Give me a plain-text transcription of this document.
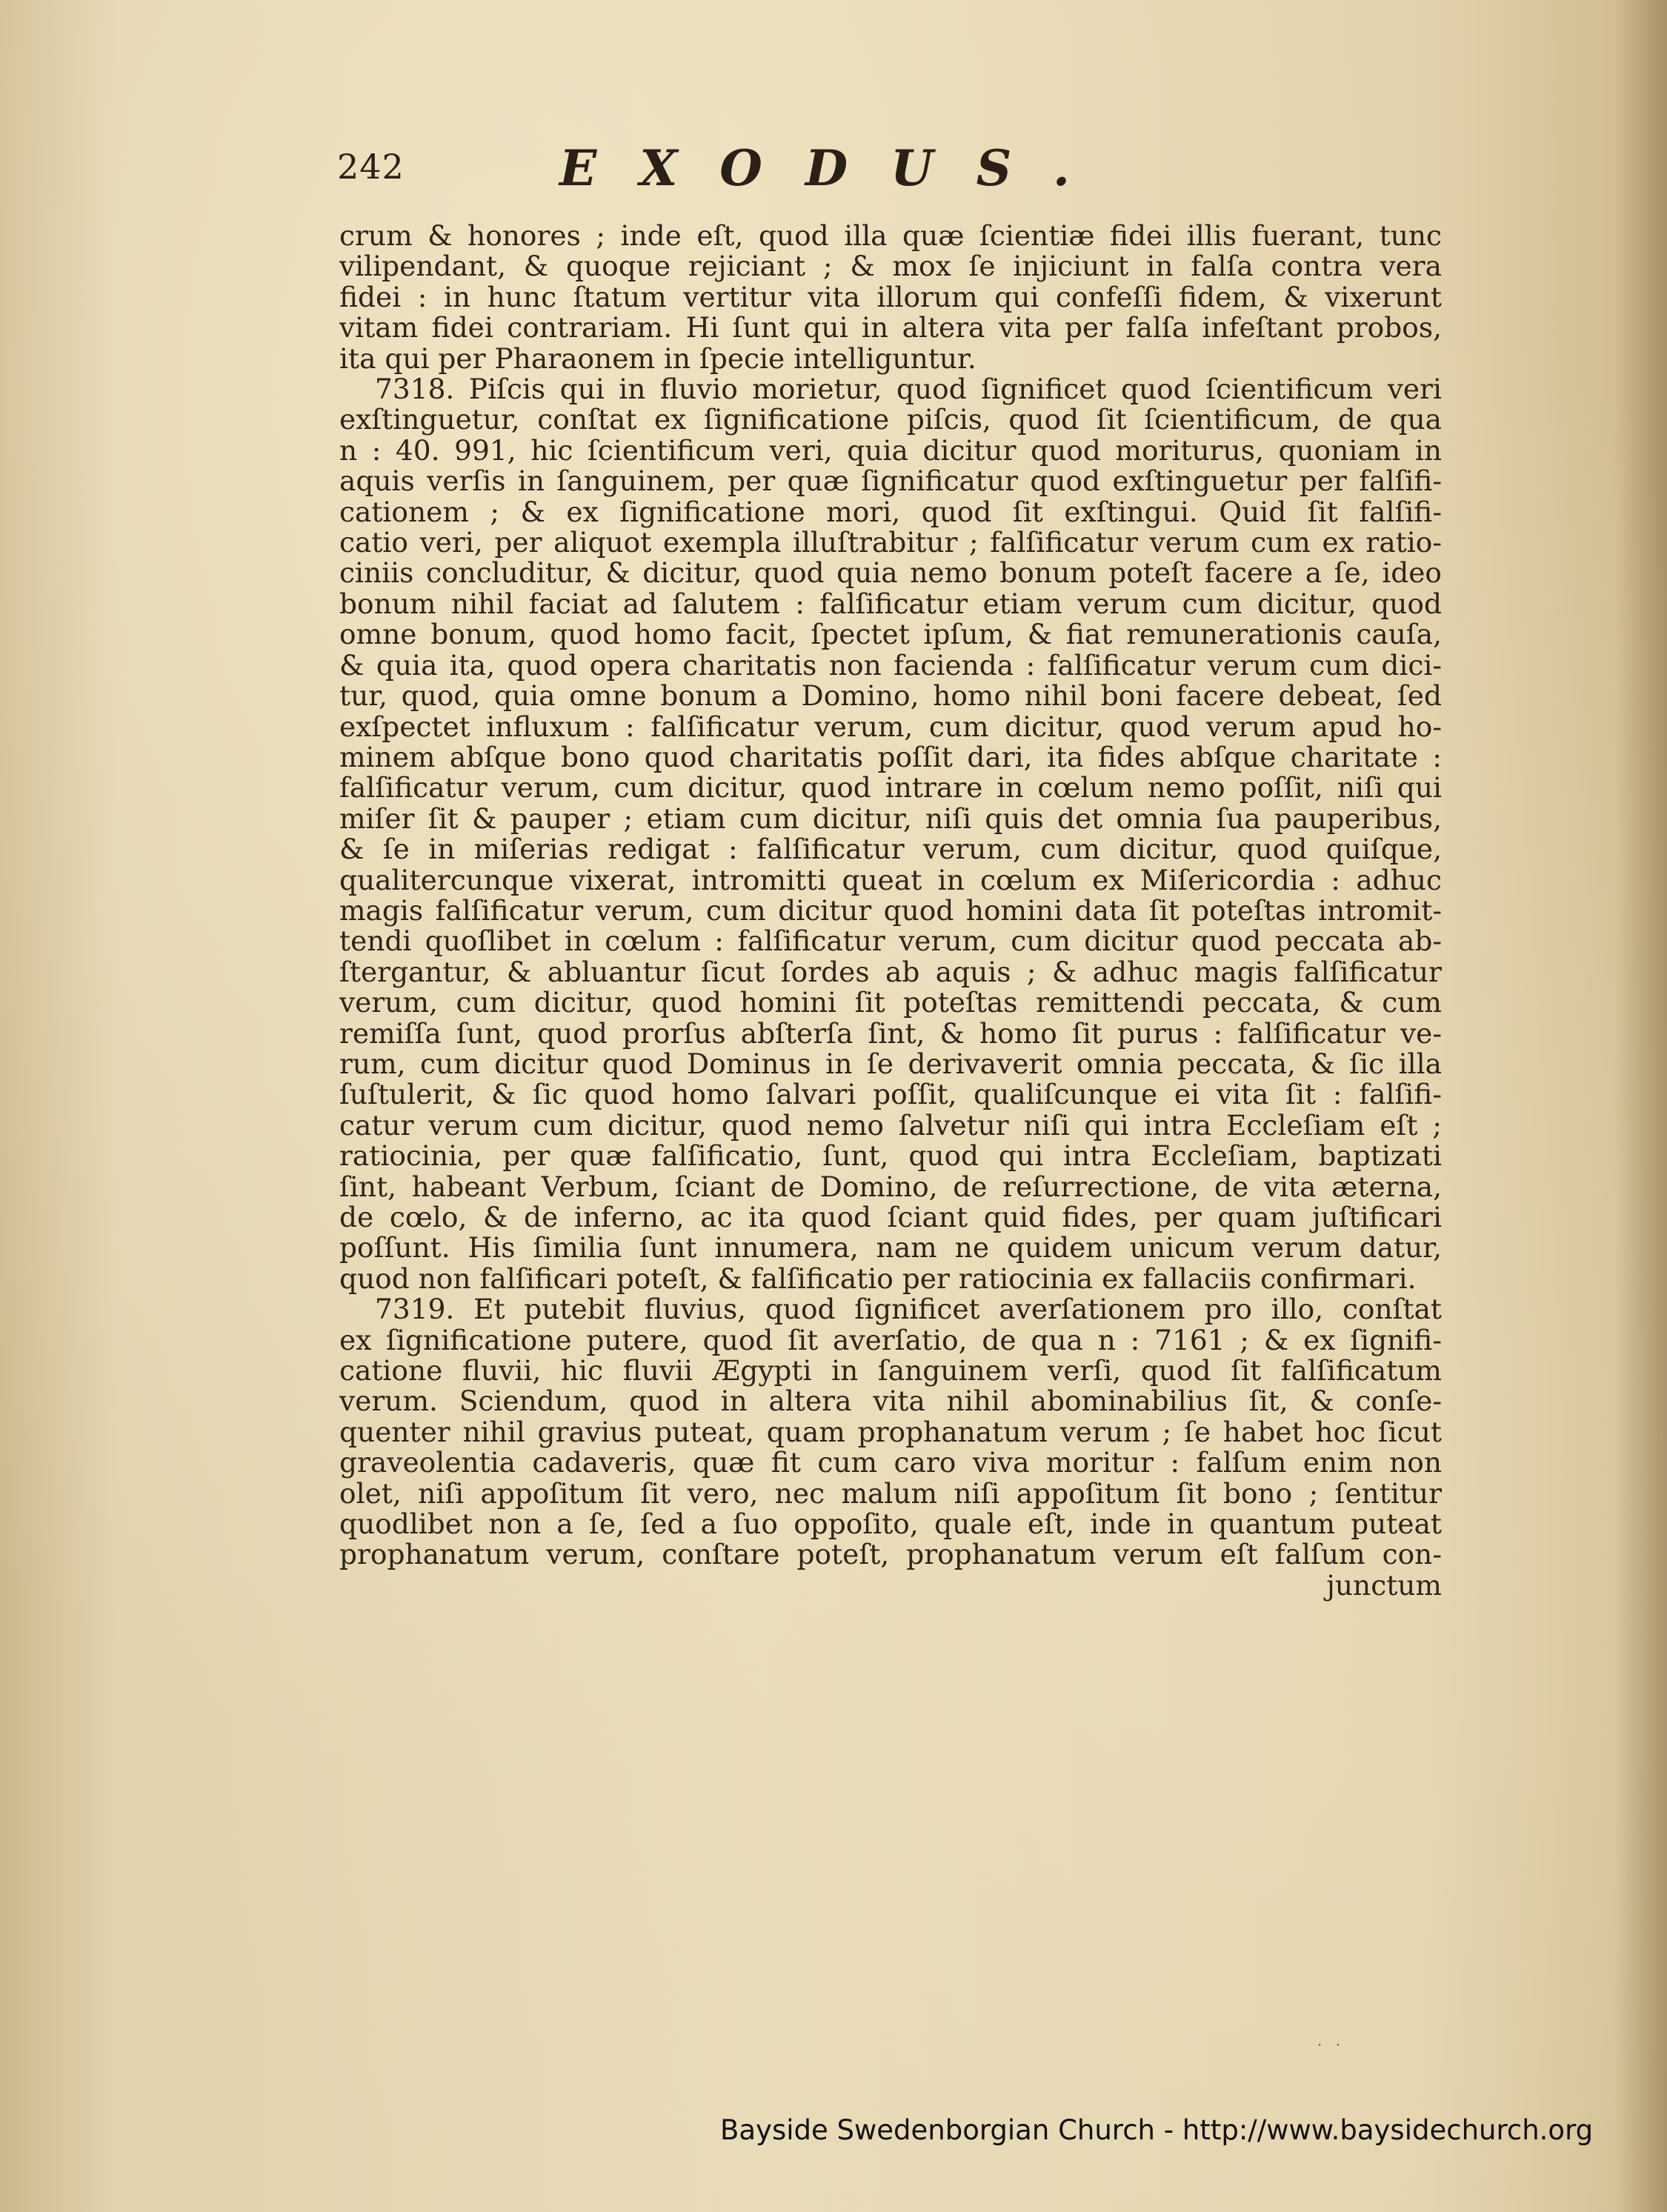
242	EXODUS.
crum & honores ; inde eſt, quod illa quæ ſcientiæ fidei illis fuerant, tunc
vilipendant, & quoque rejiciant ; & mox ſe injiciunt in falſa contra vera
fidei : in hunc ſtatum vertitur vita illorum qui confeſſi fidem, & vixerunt
vitam fidei contrariam. Hi ſunt qui in altera vita per falſa infeſtant probos,
ita qui per Pharaonem in ſpecie intelliguntur.
7318. Piſcis qui in fluvio morietur, quod ſignificet quod ſcientificum veri
exſtinguetur, conſtat ex ſignificatione piſcis, quod ſit ſcientificum, de qua
n : 40. 991, hic ſcientificum veri, quia dicitur quod moriturus, quoniam in
aquis verſis in ſanguinem, per quæ ſignificatur quod exſtinguetur per falſifi-
cationem ; & ex ſignificatione mori, quod ſit exſtingui. Quid ſit falſifi-
catio veri, per aliquot exempla illuſtrabitur ; falſificatur verum cum ex ratio-
ciniis concluditur, & dicitur, quod quia nemo bonum poteſt facere a ſe, ideo
bonum nihil faciat ad ſalutem : falſificatur etiam verum cum dicitur, quod
omne bonum, quod homo facit, ſpectet ipſum, & fiat remunerationis cauſa,
& quia ita, quod opera charitatis non facienda : falſificatur verum cum dici-
tur, quod, quia omne bonum a Domino, homo nihil boni facere debeat, ſed
exſpectet influxum : falſificatur verum, cum dicitur, quod verum apud ho-
minem abſque bono quod charitatis poſſit dari, ita fides abſque charitate :
falſificatur verum, cum dicitur, quod intrare in cœlum nemo poſſit, niſi qui
miſer ſit & pauper ; etiam cum dicitur, niſi quis det omnia ſua pauperibus,
& ſe in miſerias redigat : falſificatur verum, cum dicitur, quod quiſque,
qualitercunque vixerat, intromitti queat in cœlum ex Miſericordia : adhuc
magis falſificatur verum, cum dicitur quod homini data ſit poteſtas intromit-
tendi quoſlibet in cœlum : falſificatur verum, cum dicitur quod peccata ab-
ſtergantur, & abluantur ſicut ſordes ab aquis ; & adhuc magis falſificatur
verum, cum dicitur, quod homini ſit poteſtas remittendi peccata, & cum
remiſſa ſunt, quod prorſus abſterſa ſint, & homo ſit purus : falſificatur ve-
rum, cum dicitur quod Dominus in ſe derivaverit omnia peccata, & ſic illa
ſuſtulerit, & ſic quod homo ſalvari poſſit, qualiſcunque ei vita ſit : falſifi-
catur verum cum dicitur, quod nemo ſalvetur niſi qui intra Eccleſiam eſt ;
ratiocinia, per quæ falſificatio, ſunt, quod qui intra Eccleſiam, baptizati
ſint, habeant Verbum, ſciant de Domino, de reſurrectione, de vita æterna,
de cœlo, & de inferno, ac ita quod ſciant quid fides, per quam juſtificari
poſſunt. His ſimilia ſunt innumera, nam ne quidem unicum verum datur,
quod non falſificari poteſt, & falſificatio per ratiocinia ex fallaciis confirmari.
7319. Et putebit fluvius, quod ſignificet averſationem pro illo, conſtat
ex ſignificatione putere, quod ſit averſatio, de qua n : 7161 ; & ex ſignifi-
catione fluvii, hic fluvii Ægypti in ſanguinem verſi, quod ſit falſificatum
verum. Sciendum, quod in altera vita nihil abominabilius ſit, & conſe-
quenter nihil gravius puteat, quam prophanatum verum ; ſe habet hoc ſicut
graveolentia cadaveris, quæ fit cum caro viva moritur : falſum enim non
olet, niſi appoſitum ſit vero, nec malum niſi appoſitum ſit bono ; ſentitur
quodlibet non a ſe, ſed a ſuo oppoſito, quale eſt, inde in quantum puteat
prophanatum verum, conſtare poteſt, prophanatum verum eſt falſum con-
junctum
· ·
Bayside Swedenborgian Church - http://www.baysidechurch.org
